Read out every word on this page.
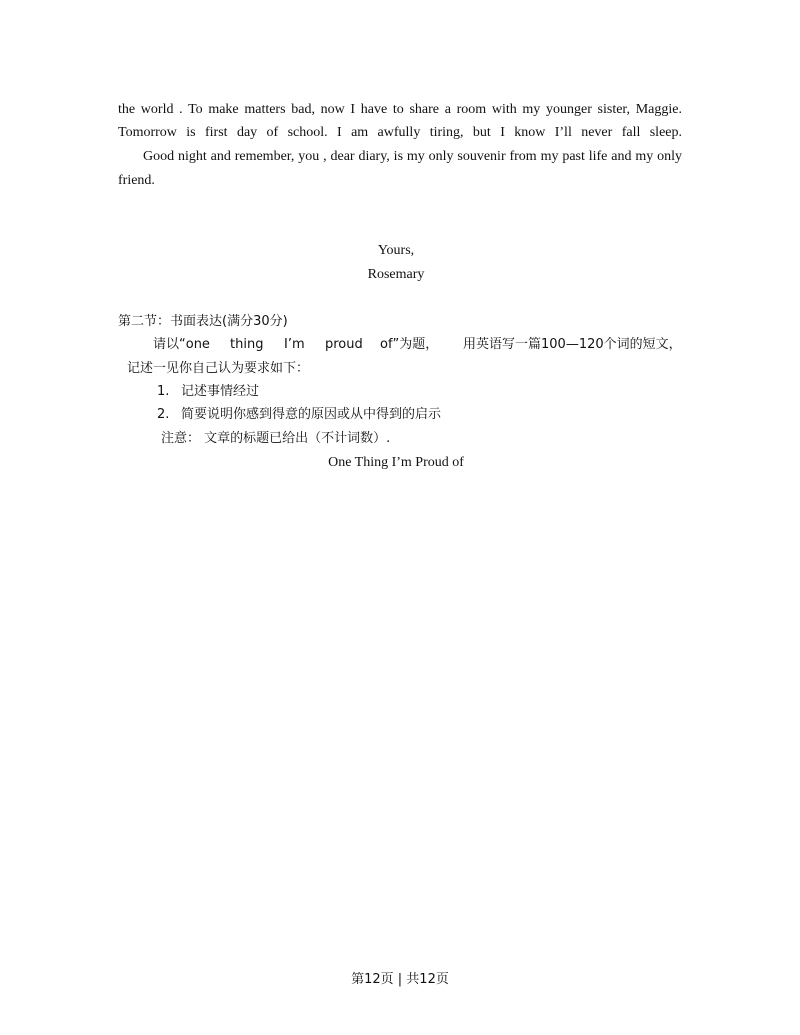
the world . To make matters bad, now I have to share a room with my younger sister, Maggie.
Tomorrow is first day of school. I am awfully tiring, but I know I’ll never fall sleep.
Good night and remember, you , dear diary, is my only souvenir from my past life and my only
friend.
Yours,
Rosemary
第二节：书面表达(满分30分)
请以“one thing I’m proud of”为题， 用英语写一篇100—120个词的短文，
记述一见你自己认为要求如下：
1. 记述事情经过
2. 简要说明你感到得意的原因或从中得到的启示
注意： 文章的标题已给出（不计词数）.
One Thing I’m Proud of
第12页 | 共12页
